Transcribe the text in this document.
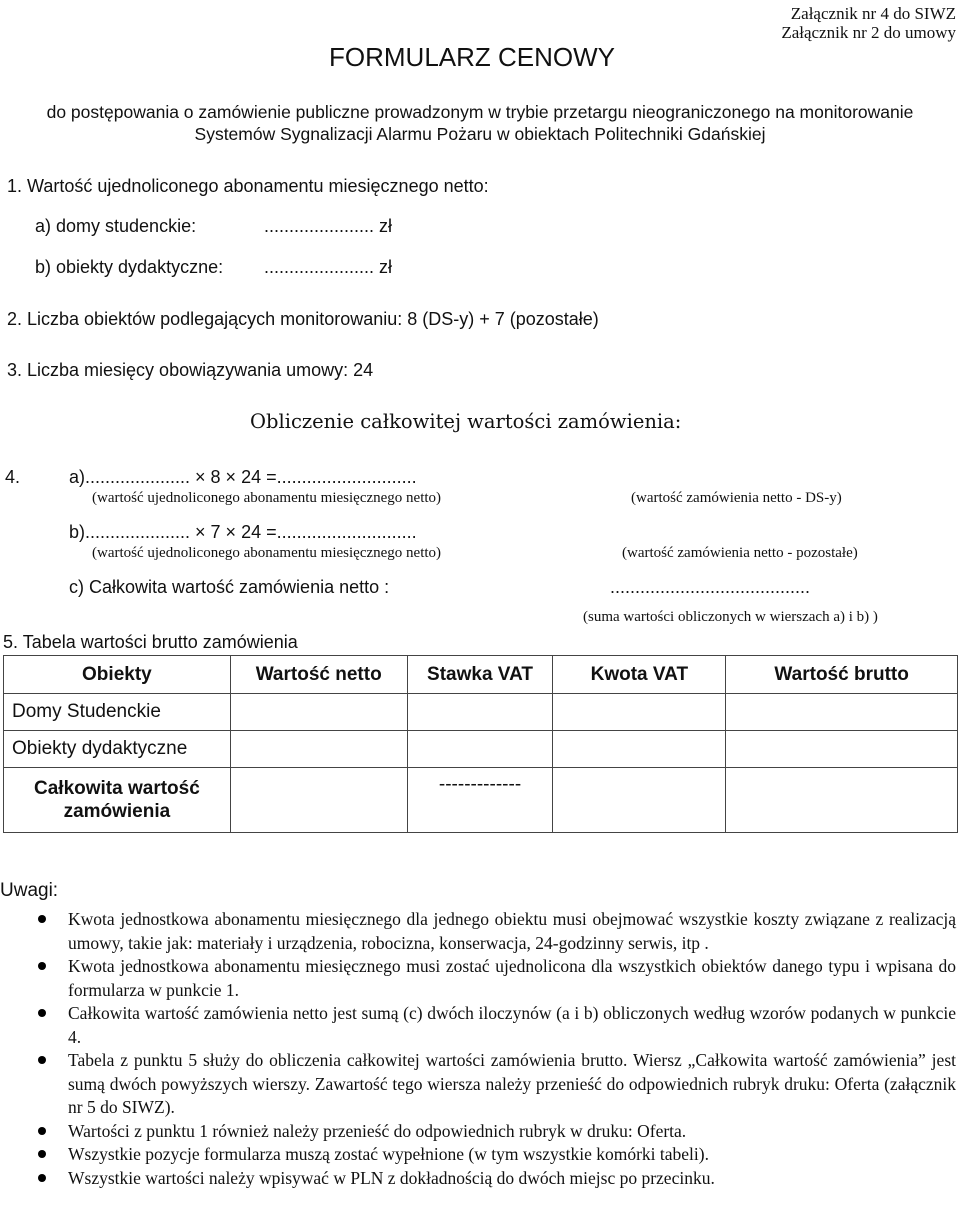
Załącznik nr 4 do SIWZ
Załącznik nr 2 do umowy
FORMULARZ CENOWY
do postępowania o zamówienie publiczne prowadzonym w trybie przetargu nieograniczonego na monitorowanie
Systemów Sygnalizacji Alarmu Pożaru w obiektach Politechniki Gdańskiej
1. Wartość ujednoliconego abonamentu miesięcznego netto:
a) domy studenckie:	...................... zł
b) obiekty dydaktyczne: ...................... zł
2. Liczba obiektów podlegających monitorowaniu: 8 (DS-y) + 7 (pozostałe)
3. Liczba miesięcy obowiązywania umowy: 24
Obliczenie całkowitej wartości zamówienia:
4.	a)..................... × 8 × 24 =............................
(wartość ujednoliconego abonamentu miesięcznego netto)	(wartość zamówienia netto - DS-y)
b)..................... × 7 × 24 =............................
(wartość ujednoliconego abonamentu miesięcznego netto)	(wartość zamówienia netto - pozostałe)
c) Całkowita wartość zamówienia netto :	........................................
(suma wartości obliczonych w wierszach a) i b) )
5. Tabela wartości brutto zamówienia
Obiekty	Wartość netto	Stawka VAT	Kwota VAT	Wartość brutto
Domy Studenckie				
Obiekty dydaktyczne				
Całkowita wartość
zamówienia		-------------		
Uwagi:
Kwota jednostkowa abonamentu miesięcznego dla jednego obiektu musi obejmować wszystkie koszty związane z realizacją umowy, takie jak: materiały i urządzenia, robocizna, konserwacja, 24-godzinny serwis, itp .
Kwota jednostkowa abonamentu miesięcznego musi zostać ujednolicona dla wszystkich obiektów danego typu i wpisana do formularza w punkcie 1.
Całkowita wartość zamówienia netto jest sumą (c) dwóch iloczynów (a i b) obliczonych według wzorów podanych w punkcie 4.
Tabela z punktu 5 służy do obliczenia całkowitej wartości zamówienia brutto. Wiersz „Całkowita wartość zamówienia” jest sumą dwóch powyższych wierszy. Zawartość tego wiersza należy przenieść do odpowiednich rubryk druku: Oferta (załącznik nr 5 do SIWZ).
Wartości z punktu 1 również należy przenieść do odpowiednich rubryk w druku: Oferta.
Wszystkie pozycje formularza muszą zostać wypełnione (w tym wszystkie komórki tabeli).
Wszystkie wartości należy wpisywać w PLN z dokładnością do dwóch miejsc po przecinku.
